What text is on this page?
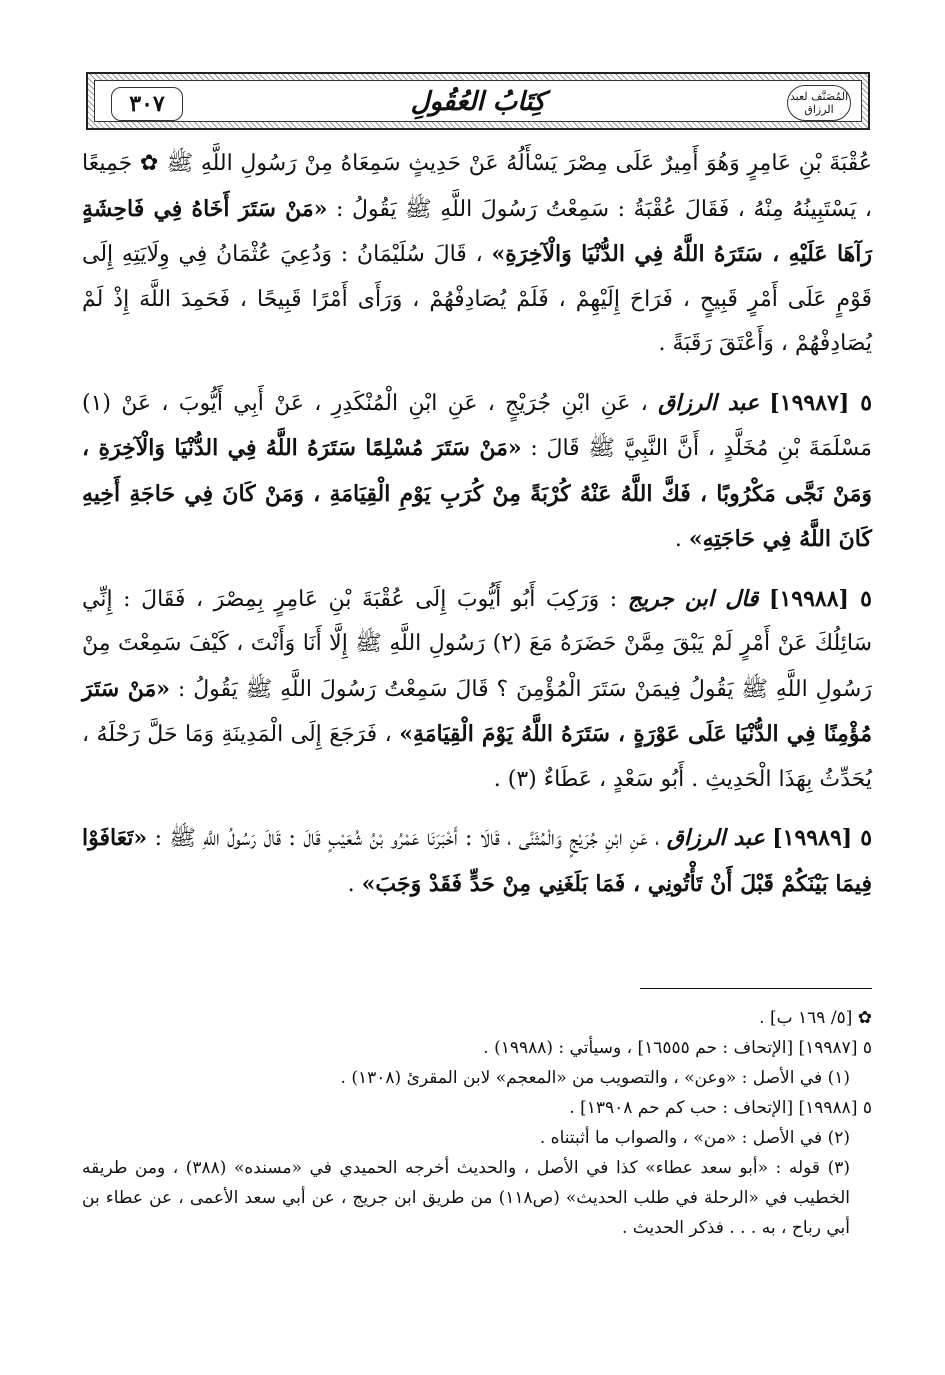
المُصَنَّف لعبد الرزاق
كِتَابُ العُقُولِ
٣٠٧

عُقْبَةَ بْنِ عَامِرٍ وَهُوَ أَمِيرٌ عَلَى مِصْرَ يَسْأَلُهُ عَنْ حَدِيثٍ سَمِعَاهُ مِنْ رَسُولِ اللَّهِ ﷺ ✿ جَمِيعًا ، يَسْتَبِينُهُ مِنْهُ ، فَقَالَ عُقْبَةُ : سَمِعْتُ رَسُولَ اللَّهِ ﷺ يَقُولُ : «مَنْ سَتَرَ أَخَاهُ فِي فَاحِشَةٍ رَآهَا عَلَيْهِ ، سَتَرَهُ اللَّهُ فِي الدُّنْيَا وَالْآخِرَةِ» ، قَالَ سُلَيْمَانُ : وَدُعِيَ عُثْمَانُ فِي وِلَايَتِهِ إِلَى قَوْمٍ عَلَى أَمْرٍ قَبِيحٍ ، فَرَاحَ إِلَيْهِمْ ، فَلَمْ يُصَادِفْهُمْ ، وَرَأَى أَمْرًا قَبِيحًا ، فَحَمِدَ اللَّهَ إِذْ لَمْ يُصَادِفْهُمْ ، وَأَعْتَقَ رَقَبَةً .

٥ [١٩٩٨٧] عبد الرزاق ، عَنِ ابْنِ جُرَيْجٍ ، عَنِ ابْنِ الْمُنْكَدِرِ ، عَنْ أَبِي أَيُّوبَ ، عَنْ (١) مَسْلَمَةَ بْنِ مُخَلَّدٍ ، أَنَّ النَّبِيَّ ﷺ قَالَ : «مَنْ سَتَرَ مُسْلِمًا سَتَرَهُ اللَّهُ فِي الدُّنْيَا وَالْآخِرَةِ ، وَمَنْ نَجَّى مَكْرُوبًا ، فَكَّ اللَّهُ عَنْهُ كُرْبَةً مِنْ كُرَبِ يَوْمِ الْقِيَامَةِ ، وَمَنْ كَانَ فِي حَاجَةِ أَخِيهِ كَانَ اللَّهُ فِي حَاجَتِهِ» .

٥ [١٩٩٨٨] قال ابن جريج : وَرَكِبَ أَبُو أَيُّوبَ إِلَى عُقْبَةَ بْنِ عَامِرٍ بِمِصْرَ ، فَقَالَ : إِنِّي سَائِلُكَ عَنْ أَمْرٍ لَمْ يَبْقَ مِمَّنْ حَضَرَهُ مَعَ (٢) رَسُولِ اللَّهِ ﷺ إِلَّا أَنَا وَأَنْتَ ، كَيْفَ سَمِعْتَ مِنْ رَسُولِ اللَّهِ ﷺ يَقُولُ فِيمَنْ سَتَرَ الْمُؤْمِنَ ؟ قَالَ سَمِعْتُ رَسُولَ اللَّهِ ﷺ يَقُولُ : «مَنْ سَتَرَ مُؤْمِنًا فِي الدُّنْيَا عَلَى عَوْرَةٍ ، سَتَرَهُ اللَّهُ يَوْمَ الْقِيَامَةِ» ، فَرَجَعَ إِلَى الْمَدِينَةِ وَمَا حَلَّ رَحْلَهُ ، يُحَدِّثُ بِهَذَا الْحَدِيثِ . أَبُو سَعْدٍ ، عَطَاءٌ (٣) .

٥ [١٩٩٨٩] عبد الرزاق ، عَنِ ابْنِ جُرَيْجٍ وَالْمُثَنَّى ، قَالَا : أَخْبَرَنَا عَمْرُو بْنُ شُعَيْبٍ قَالَ : قَالَ رَسُولُ اللَّهِ ﷺ : «تَعَافَوْا فِيمَا بَيْنَكُمْ قَبْلَ أَنْ تَأْتُونِي ، فَمَا بَلَغَنِي مِنْ حَدٍّ فَقَدْ وَجَبَ» .

✿ [٥/ ١٦٩ ب] .

٥ [١٩٩٨٧] [الإتحاف : حم ١٦٥٥٥] ، وسيأتي : (١٩٩٨٨) .

(١) في الأصل : «وعن» ، والتصويب من «المعجم» لابن المقرئ (١٣٠٨) .

٥ [١٩٩٨٨] [الإتحاف : حب كم حم ١٣٩٠٨] .

(٢) في الأصل : «من» ، والصواب ما أثبتناه .

(٣) قوله : «أبو سعد عطاء» كذا في الأصل ، والحديث أخرجه الحميدي في «مسنده» (٣٨٨) ، ومن طريقه الخطيب في «الرحلة في طلب الحديث» (ص١١٨) من طريق ابن جريج ، عن أبي سعد الأعمى ، عن عطاء بن أبي رباح ، به . . . فذكر الحديث .
